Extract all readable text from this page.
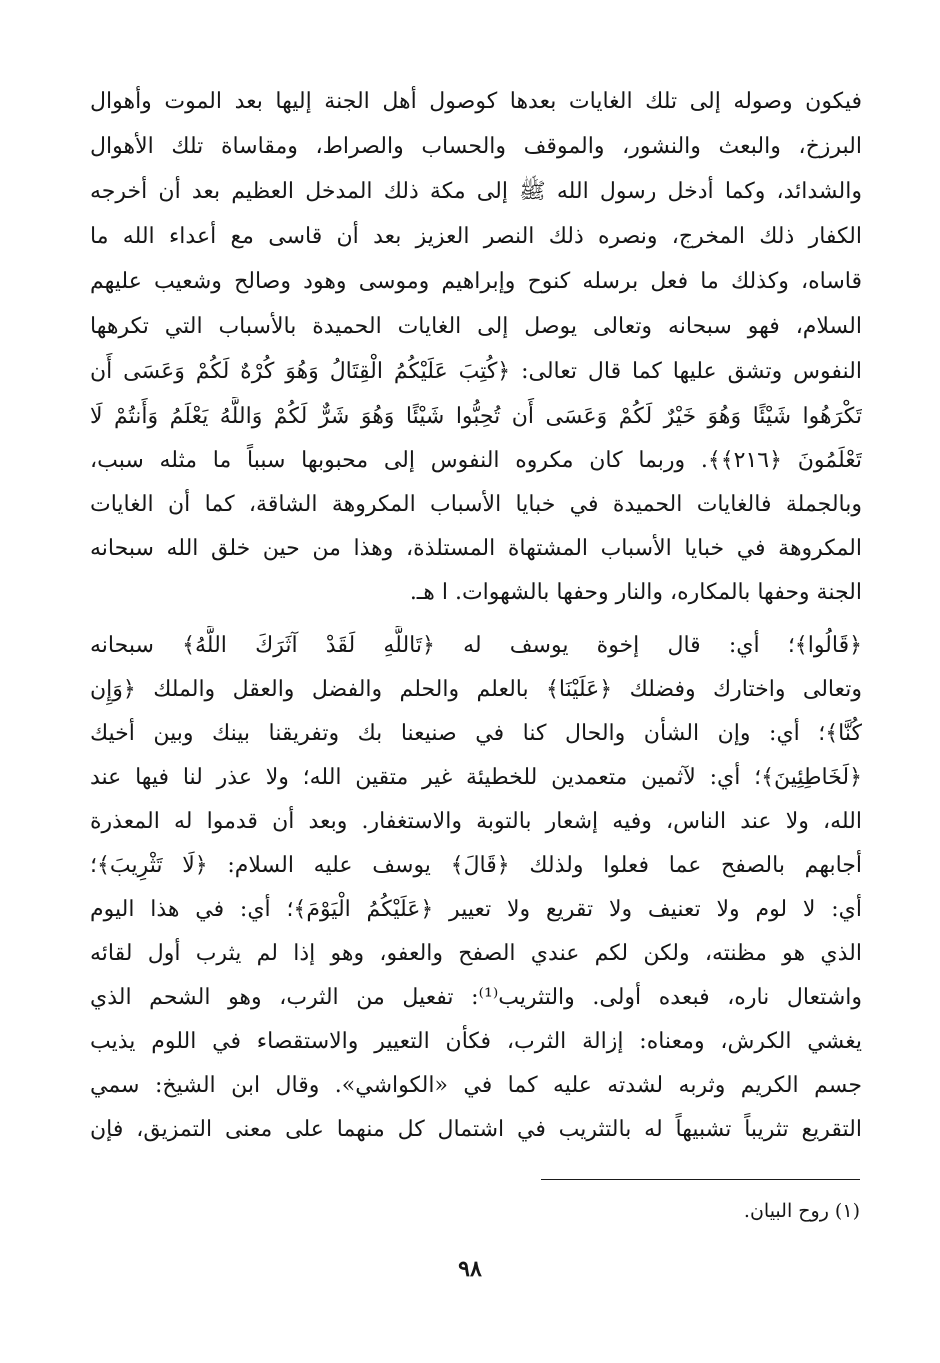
فيكون وصوله إلى تلك الغايات بعدها كوصول أهل الجنة إليها بعد الموت وأهوال
البرزخ، والبعث والنشور، والموقف والحساب والصراط، ومقاساة تلك الأهوال
والشدائد، وكما أدخل رسول الله ﷺ إلى مكة ذلك المدخل العظيم بعد أن أخرجه
الكفار ذلك المخرج، ونصره ذلك النصر العزيز بعد أن قاسى مع أعداء الله ما
قاساه، وكذلك ما فعل برسله كنوح وإبراهيم وموسى وهود وصالح وشعيب عليهم
السلام، فهو سبحانه وتعالى يوصل إلى الغايات الحميدة بالأسباب التي تكرهها
النفوس وتشق عليها كما قال تعالى: ﴿كُتِبَ عَلَيْكُمُ الْقِتَالُ وَهُوَ كُرْهٌ لَكُمْ وَعَسَى أَن
تَكْرَهُوا شَيْئًا وَهُوَ خَيْرٌ لَكُمْ وَعَسَى أَن تُحِبُّوا شَيْئًا وَهُوَ شَرٌّ لَكُمْ وَاللَّهُ يَعْلَمُ وَأَنتُمْ لَا
تَعْلَمُونَ ﴿٢١٦﴾﴾. وربما كان مكروه النفوس إلى محبوبها سبباً ما مثله سبب،
وبالجملة فالغايات الحميدة في خبايا الأسباب المكروهة الشاقة، كما أن الغايات
المكروهة في خبايا الأسباب المشتهاة المستلذة، وهذا من حين خلق الله سبحانه
الجنة وحفها بالمكاره، والنار وحفها بالشهوات. ا هـ.
﴿قَالُوا﴾؛ أي: قال إخوة يوسف له ﴿تَاللَّهِ لَقَدْ آثَرَكَ اللَّهُ﴾ سبحانه
وتعالى واختارك وفضلك ﴿عَلَيْنَا﴾ بالعلم والحلم والفضل والعقل والملك ﴿وَإِن
كُنَّا﴾؛ أي: وإن الشأن والحال كنا في صنيعنا بك وتفريقنا بينك وبين أخيك
﴿لَخَاطِئِينَ﴾؛ أي: لآثمين متعمدين للخطيئة غير متقين الله؛ ولا عذر لنا فيها عند
الله، ولا عند الناس، وفيه إشعار بالتوبة والاستغفار. وبعد أن قدموا له المعذرة
أجابهم بالصفح عما فعلوا ولذلك ﴿قَالَ﴾ يوسف عليه السلام: ﴿لَا تَثْرِيبَ﴾؛
أي: لا لوم ولا تعنيف ولا تقريع ولا تعيير ﴿عَلَيْكُمُ الْيَوْمَ﴾؛ أي: في هذا اليوم
الذي هو مظنته، ولكن لكم عندي الصفح والعفو، وهو إذا لم يثرب أول لقائه
واشتعال ناره، فبعده أولى. والتثريب⁽¹⁾: تفعيل من الثرب، وهو الشحم الذي
يغشي الكرش، ومعناه: إزالة الثرب، فكأن التعيير والاستقصاء في اللوم يذيب
جسم الكريم وثربه لشدته عليه كما في «الكواشي». وقال ابن الشيخ: سمي
التقريع تثريباً تشبيهاً له بالتثريب في اشتمال كل منهما على معنى التمزيق، فإن
(١) روح البيان.
٩٨
